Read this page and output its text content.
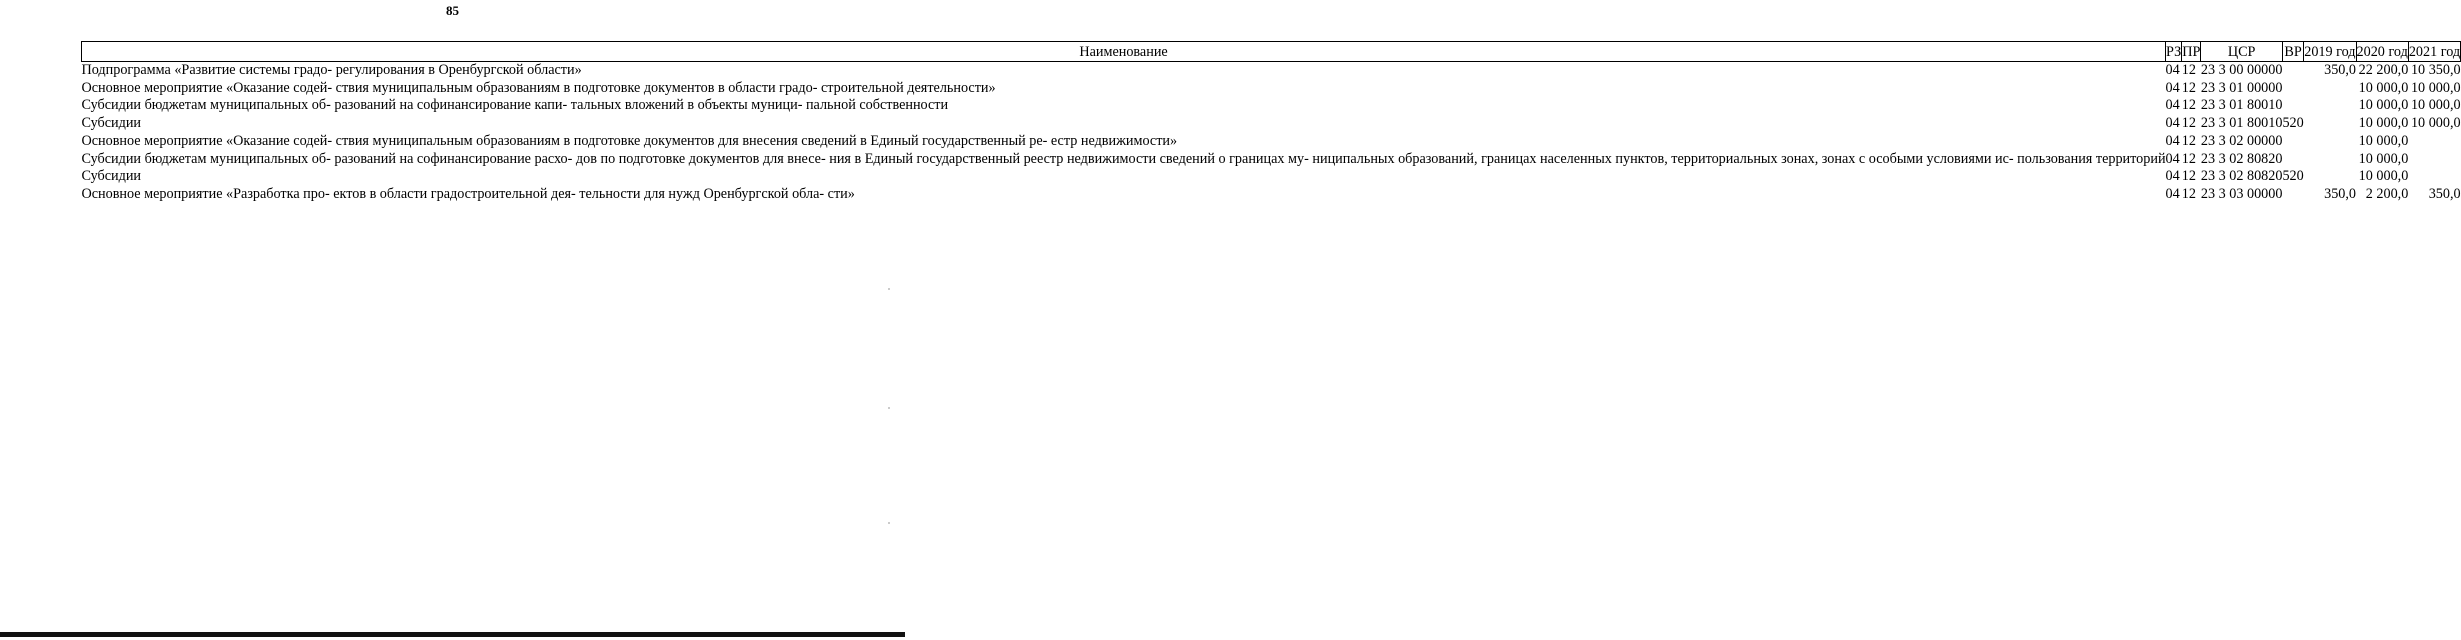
85
Наименование	РЗ	ПР	ЦСР	ВР	2019 год	2020 год	2021 год
Подпрограмма «Развитие системы градо- регулирования в Оренбургской области»	04	12	23 3 00 00000		350,0	22 200,0	10 350,0
Основное мероприятие «Оказание содей- ствия муниципальным образованиям в подготовке документов в области градо- строительной деятельности»	04	12	23 3 01 00000			10 000,0	10 000,0
Субсидии бюджетам муниципальных об- разований на софинансирование капи- тальных вложений в объекты муници- пальной собственности	04	12	23 3 01 80010			10 000,0	10 000,0
Субсидии	04	12	23 3 01 80010	520		10 000,0	10 000,0
Основное мероприятие «Оказание содей- ствия муниципальным образованиям в подготовке документов для внесения сведений в Единый государственный ре- естр недвижимости»	04	12	23 3 02 00000			10 000,0	
Субсидии бюджетам муниципальных об- разований на софинансирование расхо- дов по подготовке документов для внесе- ния в Единый государственный реестр недвижимости сведений о границах му- ниципальных образований, границах населенных пунктов, территориальных зонах, зонах с особыми условиями ис- пользования территорий	04	12	23 3 02 80820			10 000,0	
Субсидии	04	12	23 3 02 80820	520		10 000,0	
Основное мероприятие «Разработка про- ектов в области градостроительной дея- тельности для нужд Оренбургской обла- сти»	04	12	23 3 03 00000		350,0	2 200,0	350,0
